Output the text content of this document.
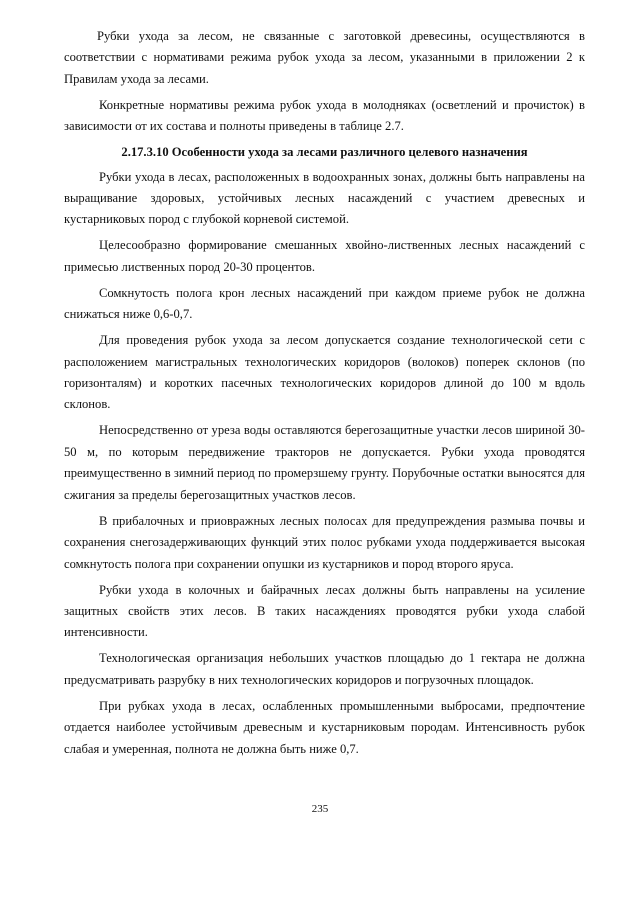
Рубки ухода за лесом, не связанные с заготовкой древесины, осуществляются в соответствии с нормативами режима рубок ухода за лесом, указанными в приложении 2 к Правилам ухода за лесами.

Конкретные нормативы режима рубок ухода в молодняках (осветлений и прочисток) в зависимости от их состава и полноты приведены в таблице 2.7.

2.17.3.10 Особенности ухода за лесами различного целевого назначения

Рубки ухода в лесах, расположенных в водоохранных зонах, должны быть направлены на выращивание здоровых, устойчивых лесных насаждений с участием древесных и кустарниковых пород с глубокой корневой системой.

Целесообразно формирование смешанных хвойно-лиственных лесных насаждений с примесью лиственных пород 20-30 процентов.

Сомкнутость полога крон лесных насаждений при каждом приеме рубок не должна снижаться ниже 0,6-0,7.

Для проведения рубок ухода за лесом допускается создание технологической сети с расположением магистральных технологических коридоров (волоков) поперек склонов (по горизонталям) и коротких пасечных технологических коридоров длиной до 100 м вдоль склонов.

Непосредственно от уреза воды оставляются берегозащитные участки лесов шириной 30-50 м, по которым передвижение тракторов не допускается. Рубки ухода проводятся преимущественно в зимний период по промерзшему грунту. Порубочные остатки выносятся для сжигания за пределы берегозащитных участков лесов.

В прибалочных и приовражных лесных полосах для предупреждения размыва почвы и сохранения снегозадерживающих функций этих полос рубками ухода поддерживается высокая сомкнутость полога при сохранении опушки из кустарников и пород второго яруса.

Рубки ухода в колочных и байрачных лесах должны быть направлены на усиление защитных свойств этих лесов. В таких насаждениях проводятся рубки ухода слабой интенсивности.

Технологическая организация небольших участков площадью до 1 гектара не должна предусматривать разрубку в них технологических коридоров и погрузочных площадок.

При рубках ухода в лесах, ослабленных промышленными выбросами, предпочтение отдается наиболее устойчивым древесным и кустарниковым породам. Интенсивность рубок слабая и умеренная, полнота не должна быть ниже 0,7.

235
